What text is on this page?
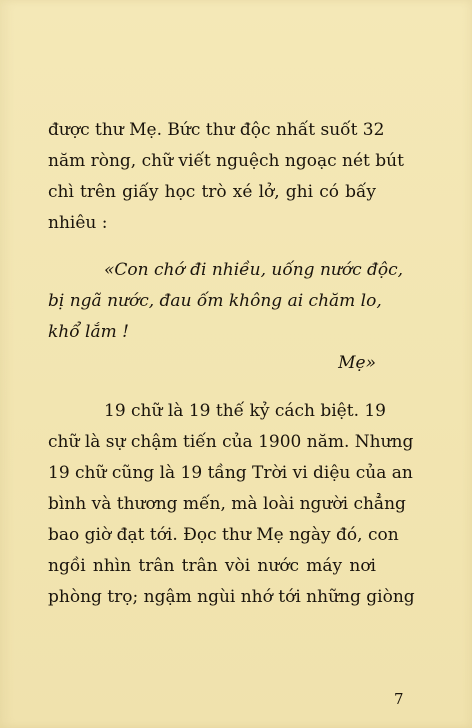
được thư Mẹ. Bức thư độc nhất suốt 32
năm ròng, chữ viết nguệch ngoạc nét bút
chì trên giấy học trò xé lở, ghi có bấy
nhiêu :
«Con chớ đi nhiều, uống nước độc,
bị ngã nước, đau ốm không ai chăm lo,
khổ lắm !
Mẹ»
19 chữ là 19 thế kỷ cách biệt. 19
chữ là sự chậm tiến của 1900 năm. Nhưng
19 chữ cũng là 19 tầng Trời vi diệu của an
bình và thương mến, mà loài người chẳng
bao giờ đạt tới. Đọc thư Mẹ ngày đó, con
ngồi nhìn trân trân vòi nước máy nơi
phòng trọ; ngậm ngùi nhớ tới những giòng
7
